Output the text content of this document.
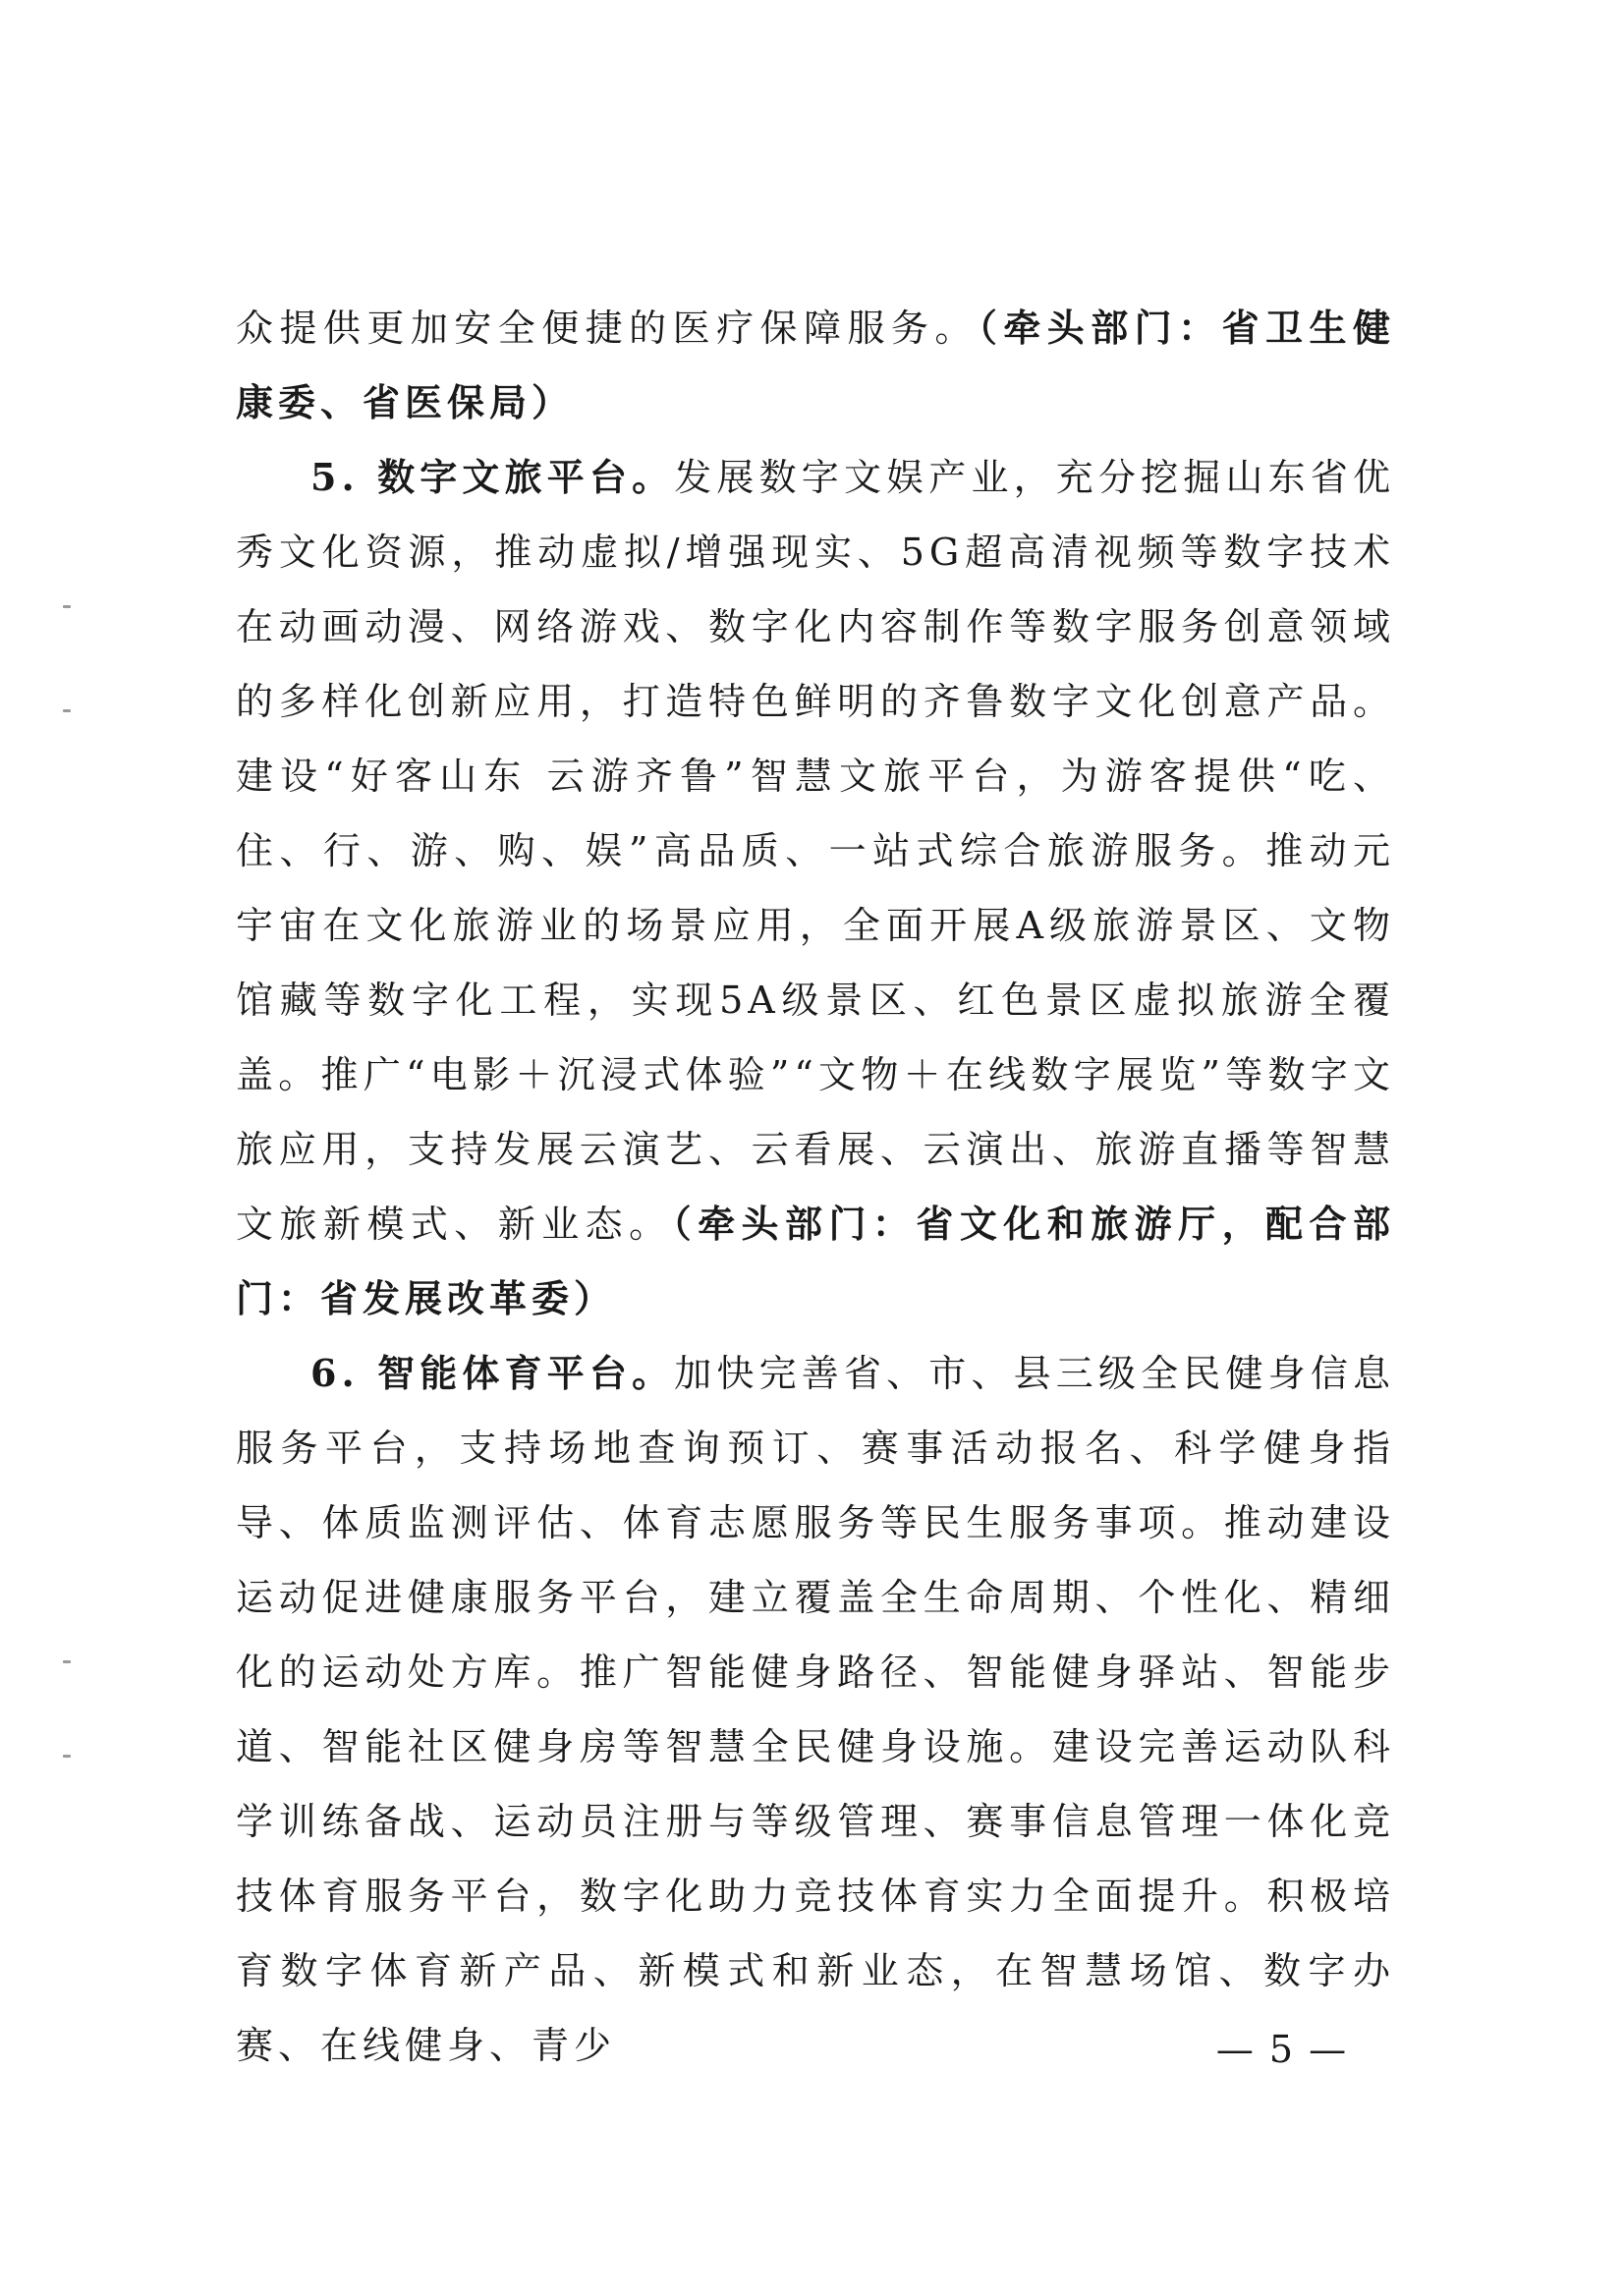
众提供更加安全便捷的医疗保障服务。（牵头部门：省卫生健康委、省医保局）

5. 数字文旅平台。发展数字文娱产业，充分挖掘山东省优秀文化资源，推动虚拟/增强现实、5G超高清视频等数字技术在动画动漫、网络游戏、数字化内容制作等数字服务创意领域的多样化创新应用，打造特色鲜明的齐鲁数字文化创意产品。建设“好客山东 云游齐鲁”智慧文旅平台，为游客提供“吃、住、行、游、购、娱”高品质、一站式综合旅游服务。推动元宇宙在文化旅游业的场景应用，全面开展A级旅游景区、文物馆藏等数字化工程，实现5A级景区、红色景区虚拟旅游全覆盖。推广“电影＋沉浸式体验”“文物＋在线数字展览”等数字文旅应用，支持发展云演艺、云看展、云演出、旅游直播等智慧文旅新模式、新业态。（牵头部门：省文化和旅游厅，配合部门：省发展改革委）

6. 智能体育平台。加快完善省、市、县三级全民健身信息服务平台，支持场地查询预订、赛事活动报名、科学健身指导、体质监测评估、体育志愿服务等民生服务事项。推动建设运动促进健康服务平台，建立覆盖全生命周期、个性化、精细化的运动处方库。推广智能健身路径、智能健身驿站、智能步道、智能社区健身房等智慧全民健身设施。建设完善运动队科学训练备战、运动员注册与等级管理、赛事信息管理一体化竞技体育服务平台，数字化助力竞技体育实力全面提升。积极培育数字体育新产品、新模式和新业态，在智慧场馆、数字办赛、在线健身、青少	— 5 —
